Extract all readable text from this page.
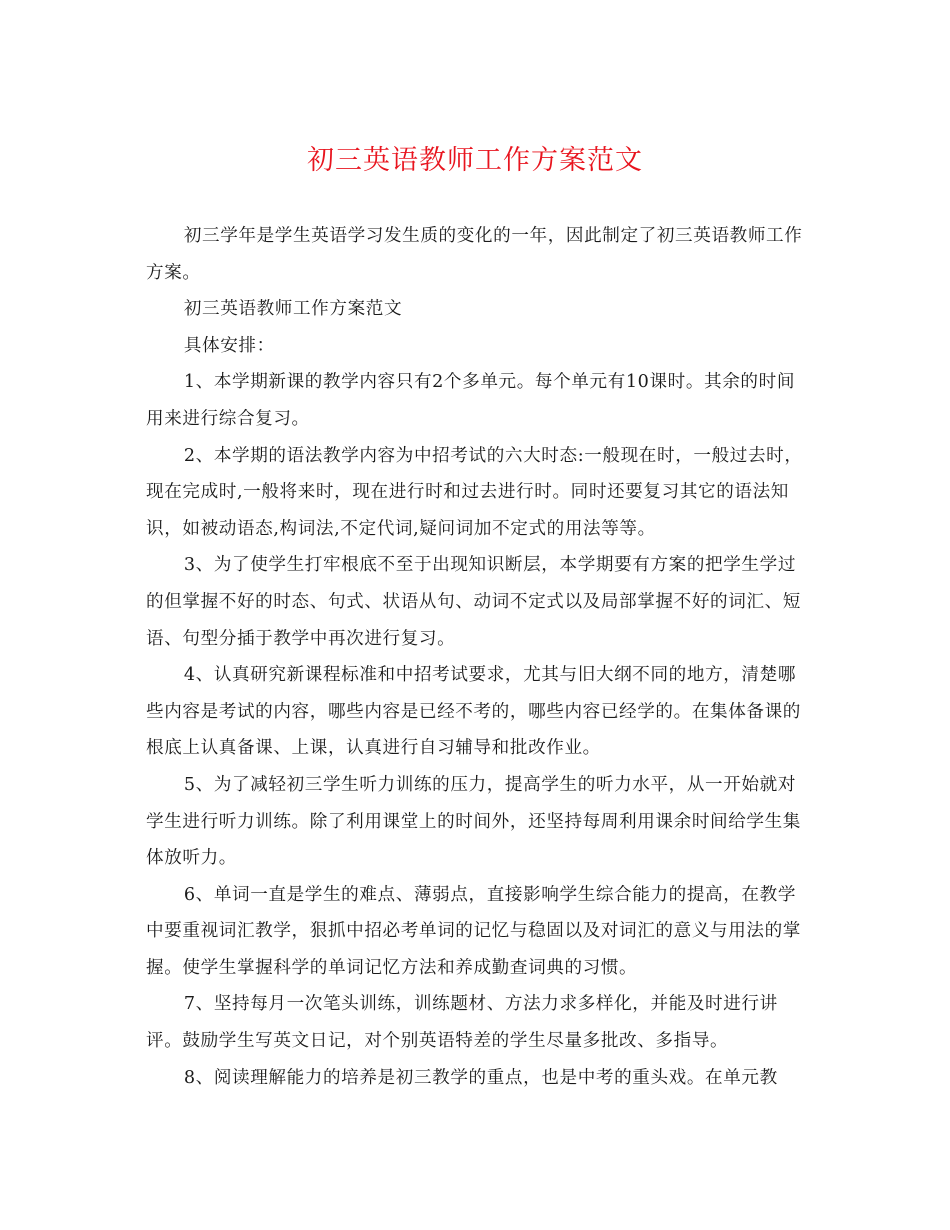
初三英语教师工作方案范文

初三学年是学生英语学习发生质的变化的一年，因此制定了初三英语教师工作方案。

初三英语教师工作方案范文

具体安排：

1、本学期新课的教学内容只有2个多单元。每个单元有10课时。其余的时间用来进行综合复习。

2、本学期的语法教学内容为中招考试的六大时态:一般现在时，一般过去时，现在完成时,一般将来时，现在进行时和过去进行时。同时还要复习其它的语法知识，如被动语态,构词法,不定代词,疑问词加不定式的用法等等。

3、为了使学生打牢根底不至于出现知识断层，本学期要有方案的把学生学过的但掌握不好的时态、句式、状语从句、动词不定式以及局部掌握不好的词汇、短语、句型分插于教学中再次进行复习。

4、认真研究新课程标准和中招考试要求，尤其与旧大纲不同的地方，清楚哪些内容是考试的内容，哪些内容是已经不考的，哪些内容已经学的。在集体备课的根底上认真备课、上课，认真进行自习辅导和批改作业。

5、为了减轻初三学生听力训练的压力，提高学生的听力水平，从一开始就对学生进行听力训练。除了利用课堂上的时间外，还坚持每周利用课余时间给学生集体放听力。

6、单词一直是学生的难点、薄弱点，直接影响学生综合能力的提高，在教学中要重视词汇教学，狠抓中招必考单词的记忆与稳固以及对词汇的意义与用法的掌握。使学生掌握科学的单词记忆方法和养成勤查词典的习惯。

7、坚持每月一次笔头训练，训练题材、方法力求多样化，并能及时进行讲评。鼓励学生写英文日记，对个别英语特差的学生尽量多批改、多指导。

8、阅读理解能力的培养是初三教学的重点，也是中考的重头戏。在单元教
